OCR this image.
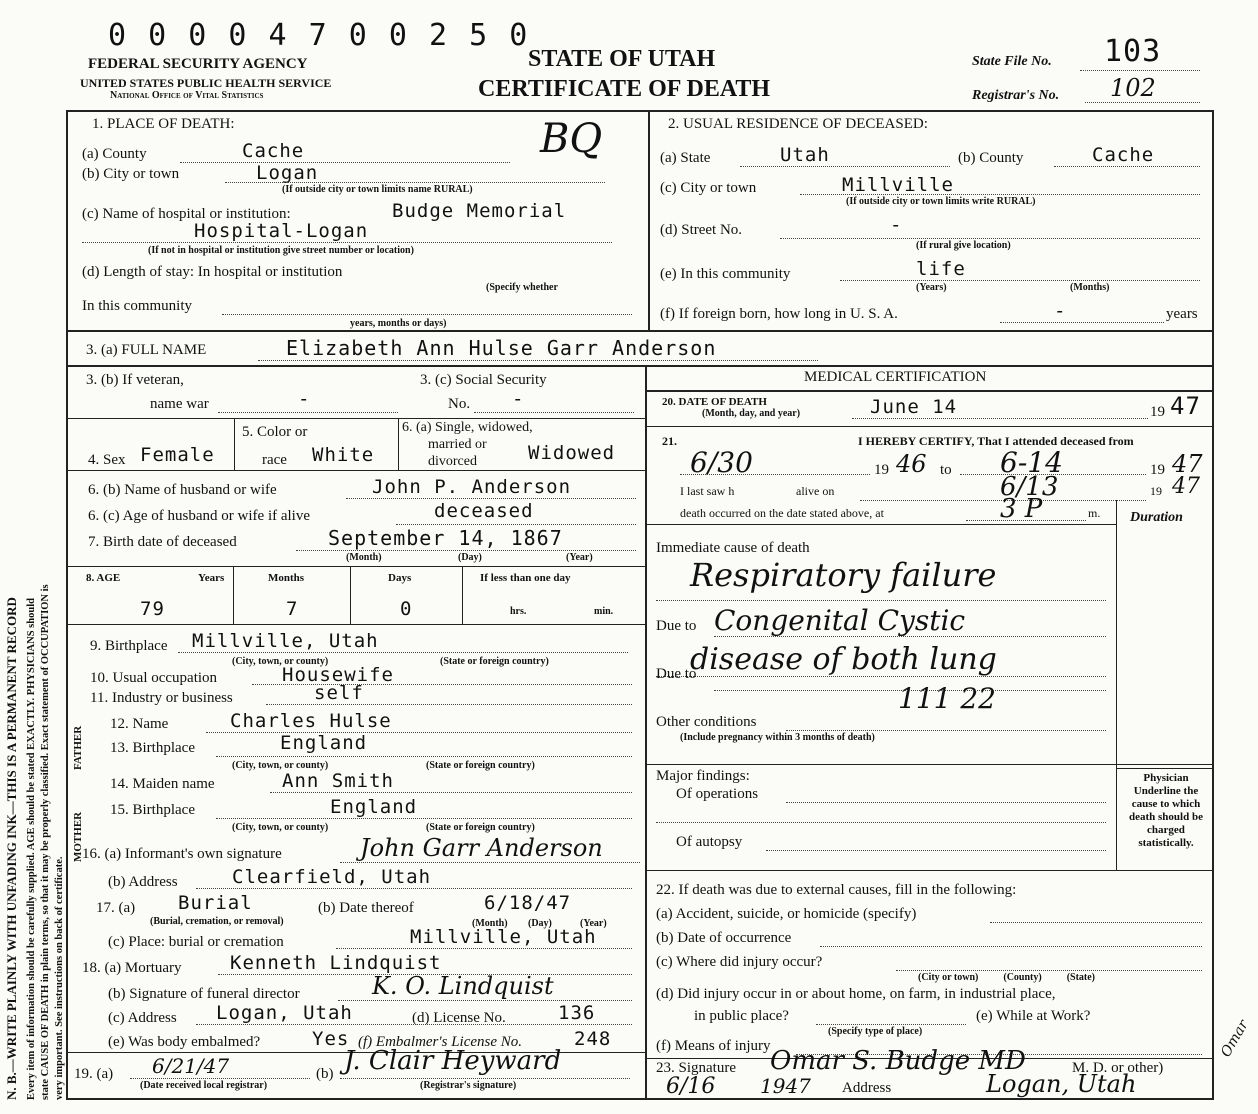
N. B.—WRITE PLAINLY WITH UNFADING INK—THIS IS A PERMANENT RECORD Every item of information should be carefully supplied. AGE should be stated EXACTLY. PHYSICIANS should state CAUSE OF DEATH in plain terms, so that it may be properly classified. Exact statement of OCCUPATION is very important. See instructions on back of certificate.
0 0 0 0 4 7 0 0 2 5 0
FEDERAL SECURITY AGENCY
UNITED STATES PUBLIC HEALTH SERVICE
National Office of Vital Statistics
STATE OF UTAH
CERTIFICATE OF DEATH
State File No. 103
Registrar's No. 102
1. PLACE OF DEATH:
(a) County	Cache	BQ
(b) City or town	Logan
(If outside city or town limits name RURAL)
(c) Name of hospital or institution:	Budge Memorial
Hospital-Logan
(If not in hospital or institution give street number or location)
(d) Length of stay: In hospital or institution
(Specify whether
In this community
years, months or days)
2. USUAL RESIDENCE OF DECEASED:
(a) State	Utah	(b) County	Cache
(c) City or town	Millville
(If outside city or town limits write RURAL)
(d) Street No.	-
(If rural give location)
(e) In this community	life
(Years)	(Months)
(f) If foreign born, how long in U. S. A.	-	years
3. (a) FULL NAME	Elizabeth Ann Hulse Garr Anderson
MEDICAL CERTIFICATION
3. (b) If veteran,
name war	-
3. (c) Social Security
No. -
4. Sex Female
5. Color or
race White
6. (a) Single, widowed,
married or
divorced	Widowed
6. (b) Name of husband or wife	John P. Anderson
6. (c) Age of husband or wife if alive	deceased
7. Birth date of deceased	September 14, 1867
(Month)	(Day)	(Year)
8. AGE	Years	Months	Days	If less than one day
79	7	0	hrs.	min.
9. Birthplace Millville, Utah
(City, town, or county)	(State or foreign country)
10. Usual occupation	Housewife
11. Industry or business	self
FATHER
MOTHER
12. Name	Charles Hulse
13. Birthplace	England
(City, town, or county)	(State or foreign country)
14. Maiden name	Ann Smith
15. Birthplace	England
(City, town, or county)	(State or foreign country)
16. (a) Informant's own signature	John Garr Anderson
(b) Address	Clearfield, Utah
17. (a) Burial
(Burial, cremation, or removal)
(b) Date thereof	6/18/47
(Month) (Day)	(Year)
(c) Place: burial or cremation	Millville, Utah
18. (a) Mortuary	Kenneth Lindquist
(b) Signature of funeral director	K. O. Lindquist
(c) Address Logan, Utah	(d) License No.	136
(e) Was body embalmed?	Yes (f) Embalmer's License No.	248
19. (a) 6/21/47
(Date received local registrar)
(b) J. Clair Heyward
(Registrar's signature)
20. DATE OF DEATH
(Month, day, and year)	June 14	19 47
21.	I HEREBY CERTIFY, That I attended deceased from
6/30	19 46 to 6-14	19 47
I last saw h	alive on	6/13	19 47
death occurred on the date stated above, at	3 P	m. Duration
Immediate cause of death
Respiratory failure
Due to Congenital Cystic
disease of both lung
Due to
111 22
Other conditions
(Include pregnancy within 3 months of death)
Major findings:
Of operations
Of autopsy
Physician Underline the cause to which death should be charged statistically.
22. If death was due to external causes, fill in the following:
(a) Accident, suicide, or homicide (specify)
(b) Date of occurrence
(c) Where did injury occur?
(City or town)          (County)          (State)
(d) Did injury occur in or about home, on farm, in industrial place,
in public place?
(Specify type of place)
(e) While at Work?
(f) Means of injury
23. Signature Omar S. Budge MD	M. D. or other)
6/16 1947 Address	Logan, Utah
Omar
